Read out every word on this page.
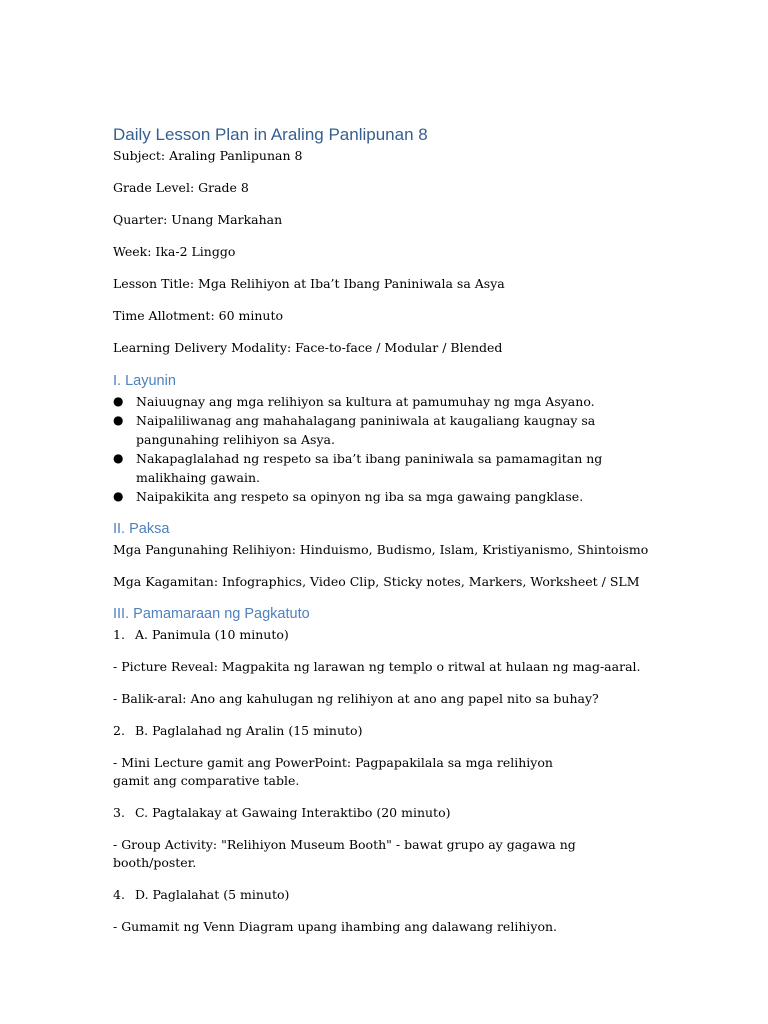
Daily Lesson Plan in Araling Panlipunan 8
Subject: Araling Panlipunan 8
Grade Level: Grade 8
Quarter: Unang Markahan
Week: Ika-2 Linggo
Lesson Title: Mga Relihiyon at Iba’t Ibang Paniniwala sa Asya
Time Allotment: 60 minuto
Learning Delivery Modality: Face-to-face / Modular / Blended
I. Layunin
● Naiuugnay ang mga relihiyon sa kultura at pamumuhay ng mga Asyano.
● Naipaliliwanag ang mahahalagang paniniwala at kaugaliang kaugnay sa pangunahing relihiyon sa Asya.
● Nakapaglalahad ng respeto sa iba’t ibang paniniwala sa pamamagitan ng malikhaing gawain.
● Naipakikita ang respeto sa opinyon ng iba sa mga gawaing pangklase.
II. Paksa
Mga Pangunahing Relihiyon: Hinduismo, Budismo, Islam, Kristiyanismo, Shintoismo
Mga Kagamitan: Infographics, Video Clip, Sticky notes, Markers, Worksheet / SLM
III. Pamamaraan ng Pagkatuto
1. A. Panimula (10 minuto)
- Picture Reveal: Magpakita ng larawan ng templo o ritwal at hulaan ng mag-aaral.
- Balik-aral: Ano ang kahulugan ng relihiyon at ano ang papel nito sa buhay?
2. B. Paglalahad ng Aralin (15 minuto)
- Mini Lecture gamit ang PowerPoint: Pagpapakilala sa mga relihiyon gamit ang comparative table.
3. C. Pagtalakay at Gawaing Interaktibo (20 minuto)
- Group Activity: "Relihiyon Museum Booth" - bawat grupo ay gagawa ng booth/poster.
4. D. Paglalahat (5 minuto)
- Gumamit ng Venn Diagram upang ihambing ang dalawang relihiyon.
